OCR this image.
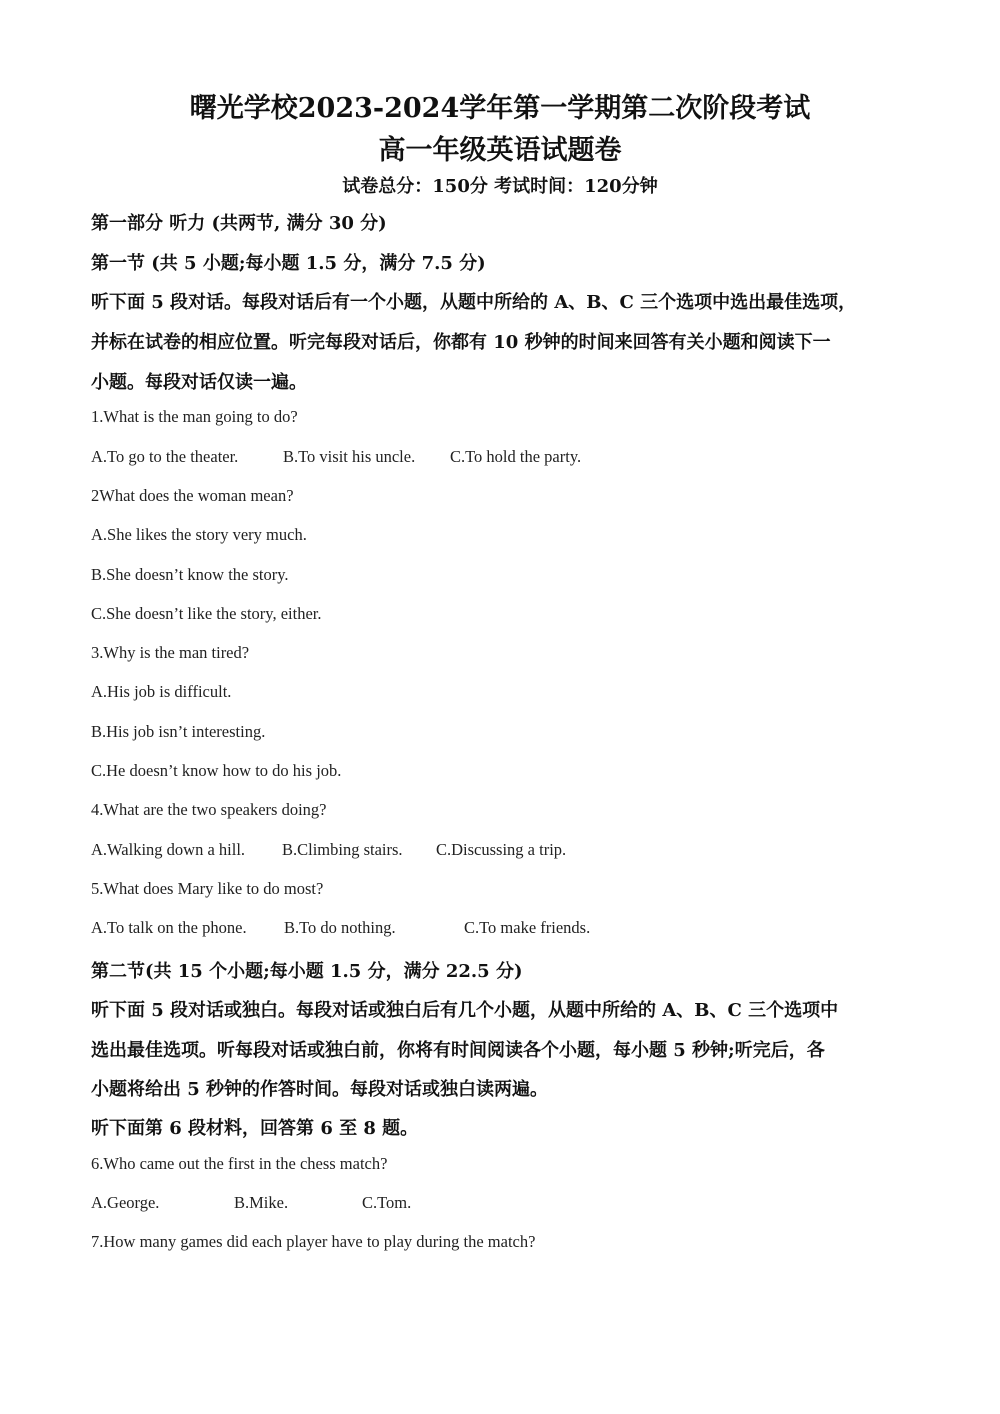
曙光学校2023-2024学年第一学期第二次阶段考试
高一年级英语试题卷
试卷总分：150分 考试时间：120分钟
第一部分 听力 (共两节, 满分 30 分)
第一节 (共 5 小题;每小题 1.5 分，满分 7.5 分)
听下面 5 段对话。每段对话后有一个小题，从题中所给的 A、B、C 三个选项中选出最佳选项，
并标在试卷的相应位置。听完每段对话后，你都有 10 秒钟的时间来回答有关小题和阅读下一
小题。每段对话仅读一遍。
1.What is the man going to do?
A.To go to the theater.	B.To visit his uncle. C.To hold the party.
2What does the woman mean?
A.She likes the story very much.
B.She doesn’t know the story.
C.She doesn’t like the story, either.
3.Why is the man tired?
A.His job is difficult.
B.His job isn’t interesting.
C.He doesn’t know how to do his job.
4.What are the two speakers doing?
A.Walking down a hill. B.Climbing stairs. C.Discussing a trip.
5.What does Mary like to do most?
A.To talk on the phone. B.To do nothing.	C.To make friends.
第二节(共 15 个小题;每小题 1.5 分，满分 22.5 分)
听下面 5 段对话或独白。每段对话或独白后有几个小题，从题中所给的 A、B、C 三个选项中
选出最佳选项。听每段对话或独白前，你将有时间阅读各个小题，每小题 5 秒钟;听完后，各
小题将给出 5 秒钟的作答时间。每段对话或独白读两遍。
听下面第 6 段材料，回答第 6 至 8 题。
6.Who came out the first in the chess match?
A.George.	B.Mike.	C.Tom.
7.How many games did each player have to play during the match?
